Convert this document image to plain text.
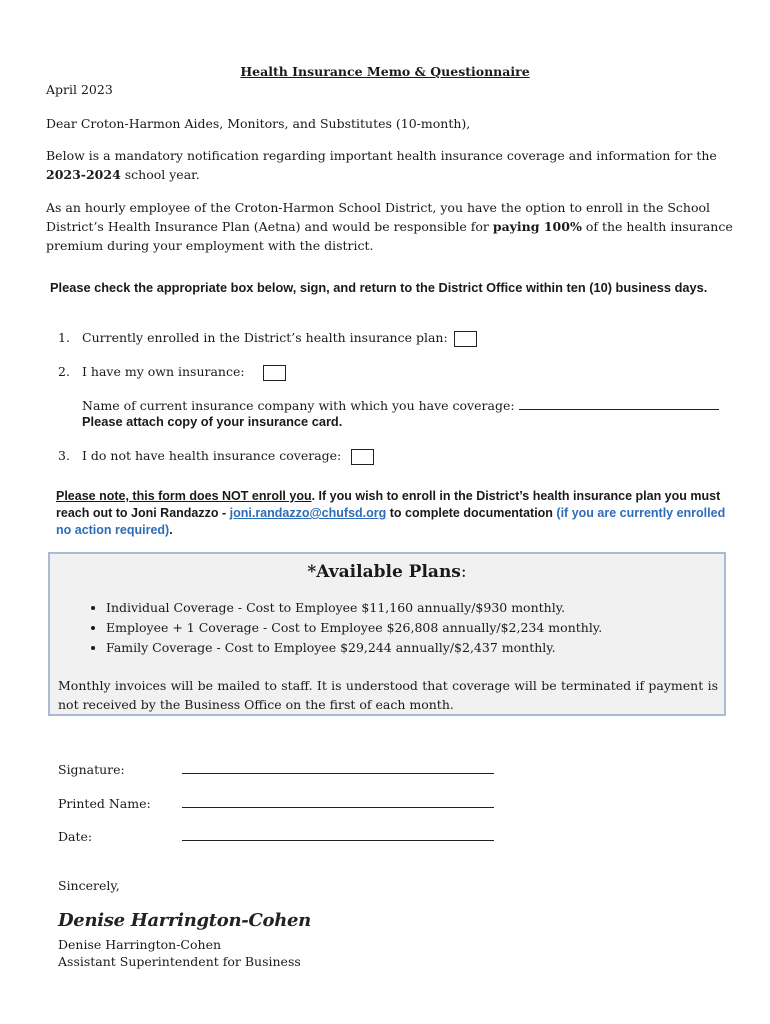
Health Insurance Memo & Questionnaire
April 2023
Dear Croton-Harmon Aides, Monitors, and Substitutes (10-month),
Below is a mandatory notification regarding important health insurance coverage and information for the 2023-2024 school year.
As an hourly employee of the Croton-Harmon School District, you have the option to enroll in the School District’s Health Insurance Plan (Aetna) and would be responsible for paying 100% of the health insurance premium during your employment with the district.
Please check the appropriate box below, sign, and return to the District Office within ten (10) business days.
1. Currently enrolled in the District’s health insurance plan:
2. I have my own insurance:
Name of current insurance company with which you have coverage:
Please attach copy of your insurance card.
3. I do not have health insurance coverage:
Please note, this form does NOT enroll you. If you wish to enroll in the District’s health insurance plan you must reach out to Joni Randazzo - joni.randazzo@chufsd.org to complete documentation (if you are currently enrolled no action required).
*Available Plans:
• Individual Coverage - Cost to Employee $11,160 annually/$930 monthly.
• Employee + 1 Coverage - Cost to Employee $26,808 annually/$2,234 monthly.
• Family Coverage - Cost to Employee $29,244 annually/$2,437 monthly.
Monthly invoices will be mailed to staff. It is understood that coverage will be terminated if payment is not received by the Business Office on the first of each month.
Signature:
Printed Name:
Date:
Sincerely,
Denise Harrington-Cohen
Denise Harrington-Cohen
Assistant Superintendent for Business
